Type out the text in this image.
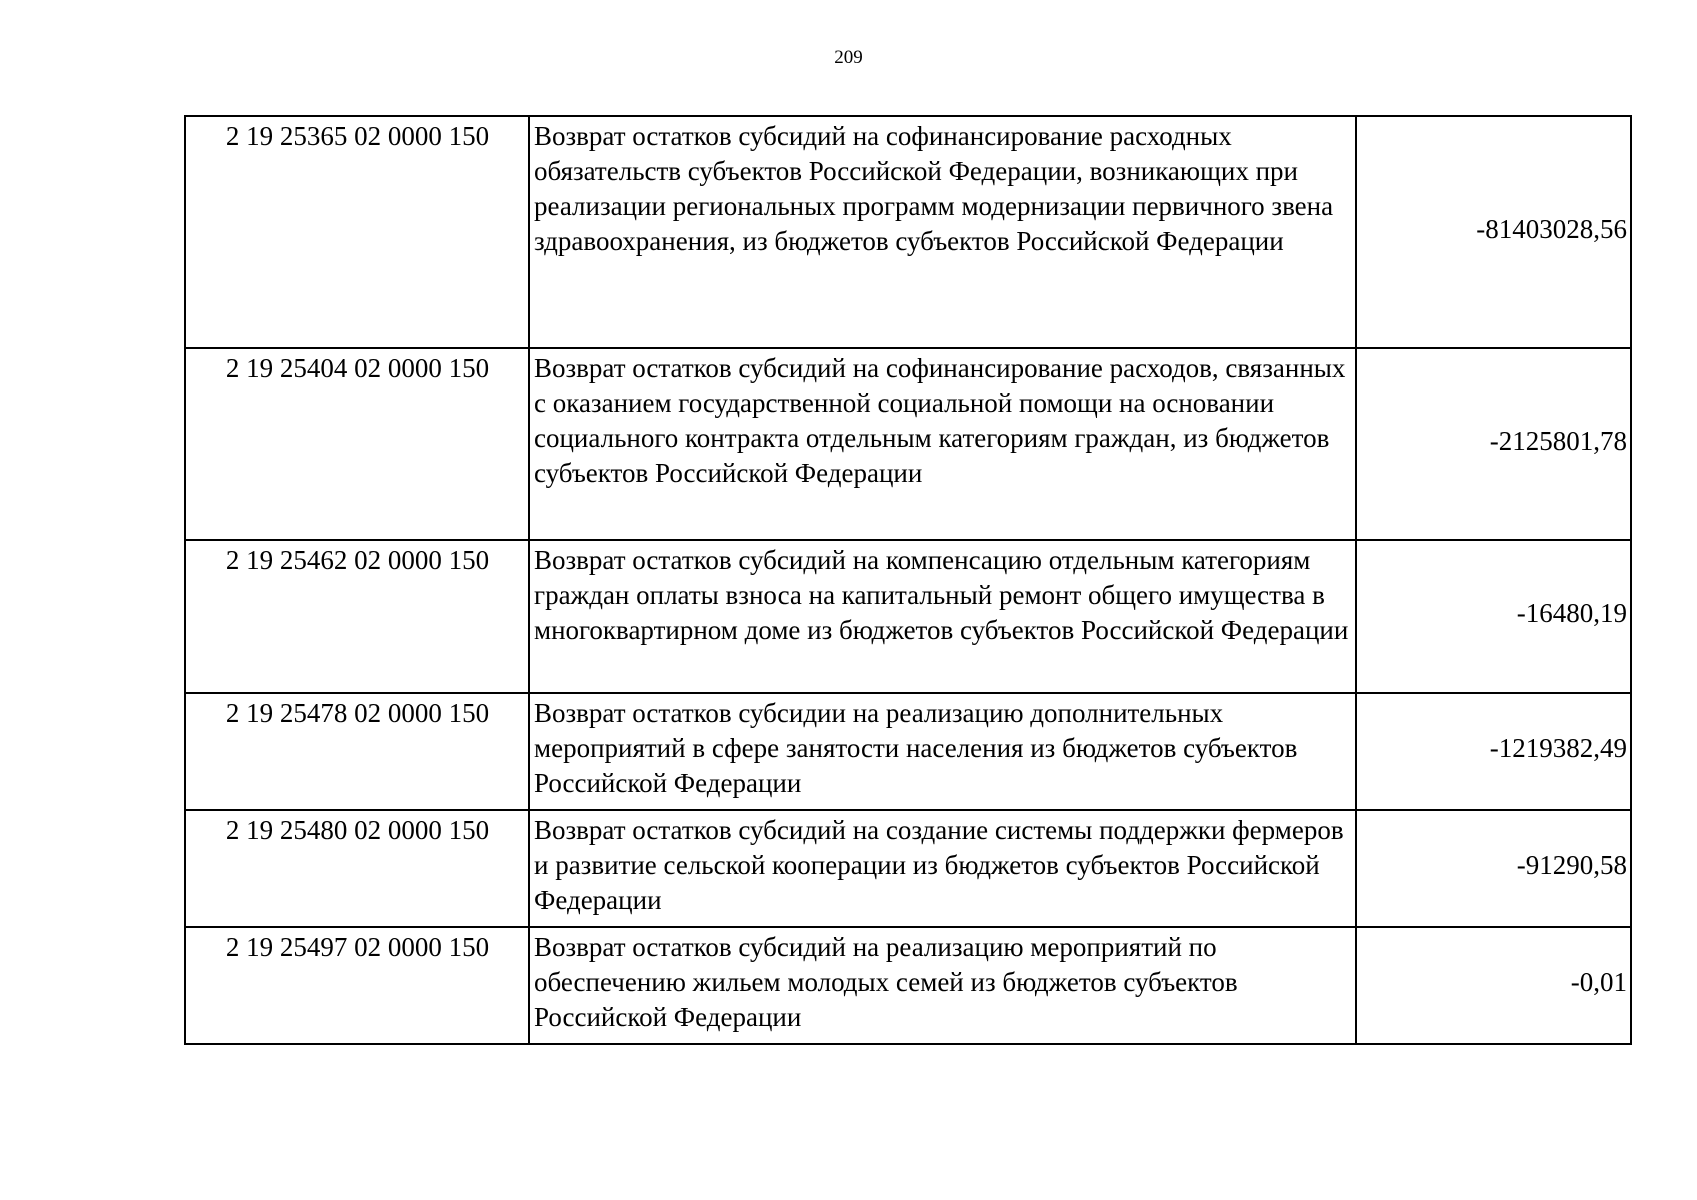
209
2 19 25365 02 0000 150	Возврат остатков субсидий на софинансирование расходных обязательств субъектов Российской Федерации, возникающих при реализации региональных программ модернизации первичного звена здравоохранения, из бюджетов субъектов Российской Федерации	-81403028,56
2 19 25404 02 0000 150	Возврат остатков субсидий на софинансирование расходов, связанных с оказанием государственной социальной помощи на основании социального контракта отдельным категориям граждан, из бюджетов субъектов Российской Федерации	-2125801,78
2 19 25462 02 0000 150	Возврат остатков субсидий на компенсацию отдельным категориям граждан оплаты взноса на капитальный ремонт общего имущества в многоквартирном доме из бюджетов субъектов Российской Федерации	-16480,19
2 19 25478 02 0000 150	Возврат остатков субсидии на реализацию дополнительных мероприятий в сфере занятости населения из бюджетов субъектов Российской Федерации	-1219382,49
2 19 25480 02 0000 150	Возврат остатков субсидий на создание системы поддержки фермеров и развитие сельской кооперации из бюджетов субъектов Российской Федерации	-91290,58
2 19 25497 02 0000 150	Возврат остатков субсидий на реализацию мероприятий по обеспечению жильем молодых семей из бюджетов субъектов Российской Федерации	-0,01
